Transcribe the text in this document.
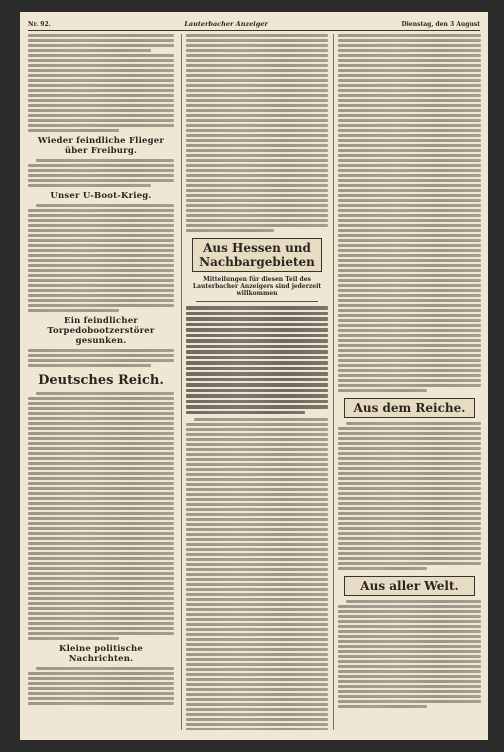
Nr. 92.	Lauterbacher Anzeiger	Dienstag, den 3 August
Wieder feindliche Flieger über Freiburg.
Unser U-Boot-Krieg.
Ein feindlicher Torpedobootzerstörer gesunken.
Deutsches Reich.
Kleine politische Nachrichten.
Aus Hessen und Nachbargebieten
Mitteilungen für diesen Teil des Lauterbacher Anzeigers sind jederzeit willkommen
Aus dem Reiche.
Aus aller Welt.
